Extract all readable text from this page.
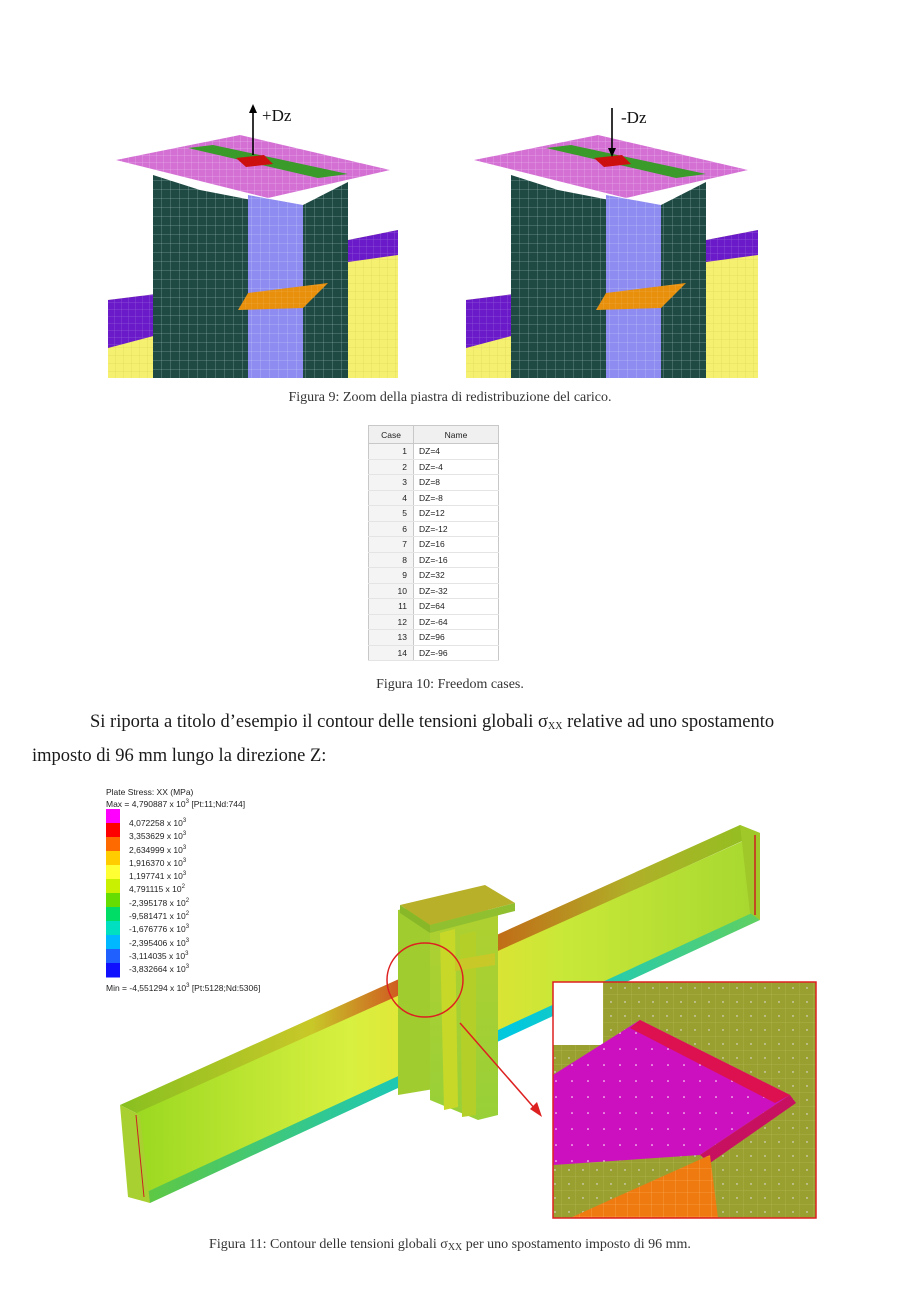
+Dz	-Dz
Figura 9: Zoom della piastra di redistribuzione del carico.
Case	Name
1	DZ=4
2	DZ=-4
3	DZ=8
4	DZ=-8
5	DZ=12
6	DZ=-12
7	DZ=16
8	DZ=-16
9	DZ=32
10	DZ=-32
11	DZ=64
12	DZ=-64
13	DZ=96
14	DZ=-96
Figura 10: Freedom cases.
Si riporta a titolo d’esempio il contour delle tensioni globali $\sigma_{XX}$ relative ad uno spostamento
imposto di 96 mm lungo la direzione Z:
Plate Stress: XX (MPa)
Max = 4,790887 x $10^3$ [Pt:11;Nd:744]
4,072258 x $10^3$
3,353629 x $10^3$
2,634999 x $10^3$
1,916370 x $10^3$
1,197741 x $10^3$
4,791115 x $10^2$
-2,395178 x $10^2$
-9,581471 x $10^2$
-1,676776 x $10^3$
-2,395406 x $10^3$
-3,114035 x $10^3$
-3,832664 x $10^3$
Min = -4,551294 x $10^3$ [Pt:5128;Nd:5306]
Figura 11: Contour delle tensioni globali $\sigma_{XX}$ per uno spostamento imposto di 96 mm.
